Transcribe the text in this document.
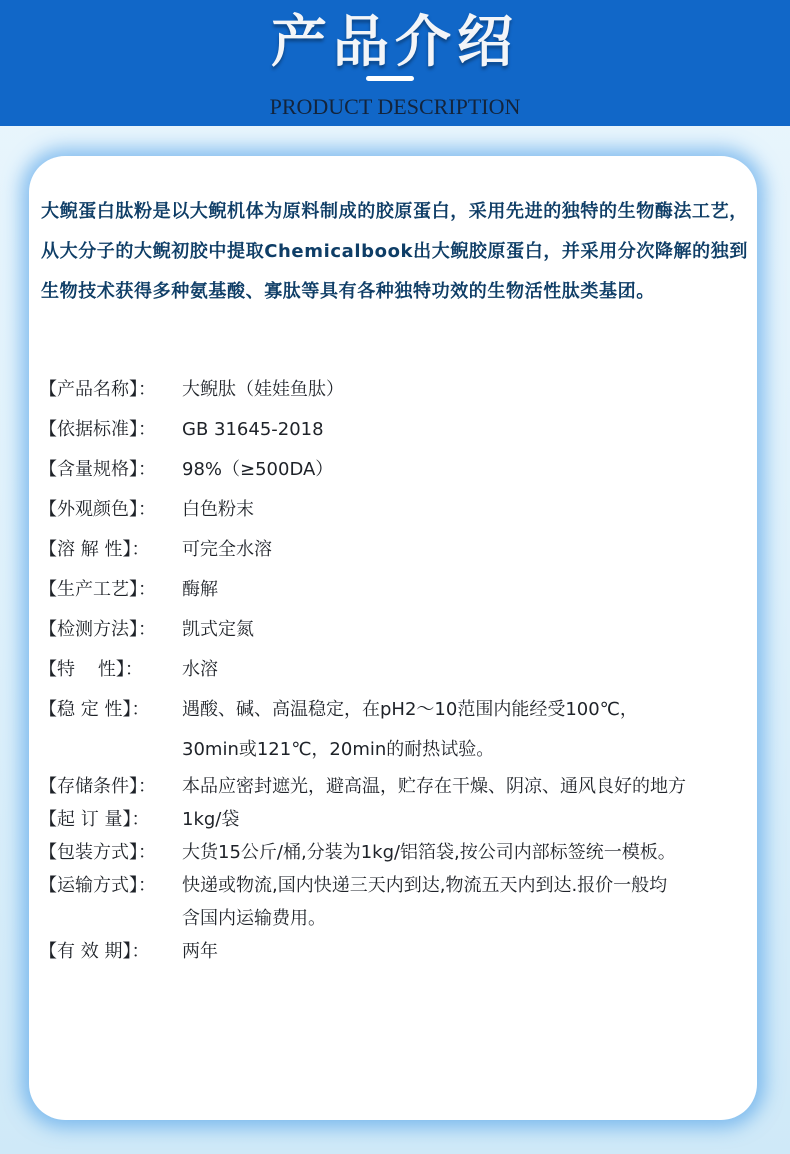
产品介绍
PRODUCT DESCRIPTION

大鲵蛋白肽粉是以大鲵机体为原料制成的胶原蛋白，采用先进的独特的生物酶法工艺，从大分子的大鲵初胶中提取Chemicalbook出大鲵胶原蛋白，并采用分次降解的独到生物技术获得多种氨基酸、寡肽等具有各种独特功效的生物活性肽类基团。

【产品名称】：	大鲵肽（娃娃鱼肽）
【依据标准】：	GB 31645-2018
【含量规格】：	98%（≥500DA）
【外观颜色】：	白色粉末
【溶 解 性】：	可完全水溶
【生产工艺】：	酶解
【检测方法】：	凯式定氮
【特    性】：	水溶
【稳 定 性】：	遇酸、碱、高温稳定，在pH2～10范围内能经受100℃，
30min或121℃，20min的耐热试验。
【存储条件】：	本品应密封遮光，避高温，贮存在干燥、阴凉、通风良好的地方
【起 订 量】：	1kg/袋
【包装方式】：	大货15公斤/桶,分装为1kg/铝箔袋,按公司内部标签统一模板。
【运输方式】：	快递或物流,国内快递三天内到达,物流五天内到达.报价一般均
含国内运输费用。
【有 效 期】：	两年
